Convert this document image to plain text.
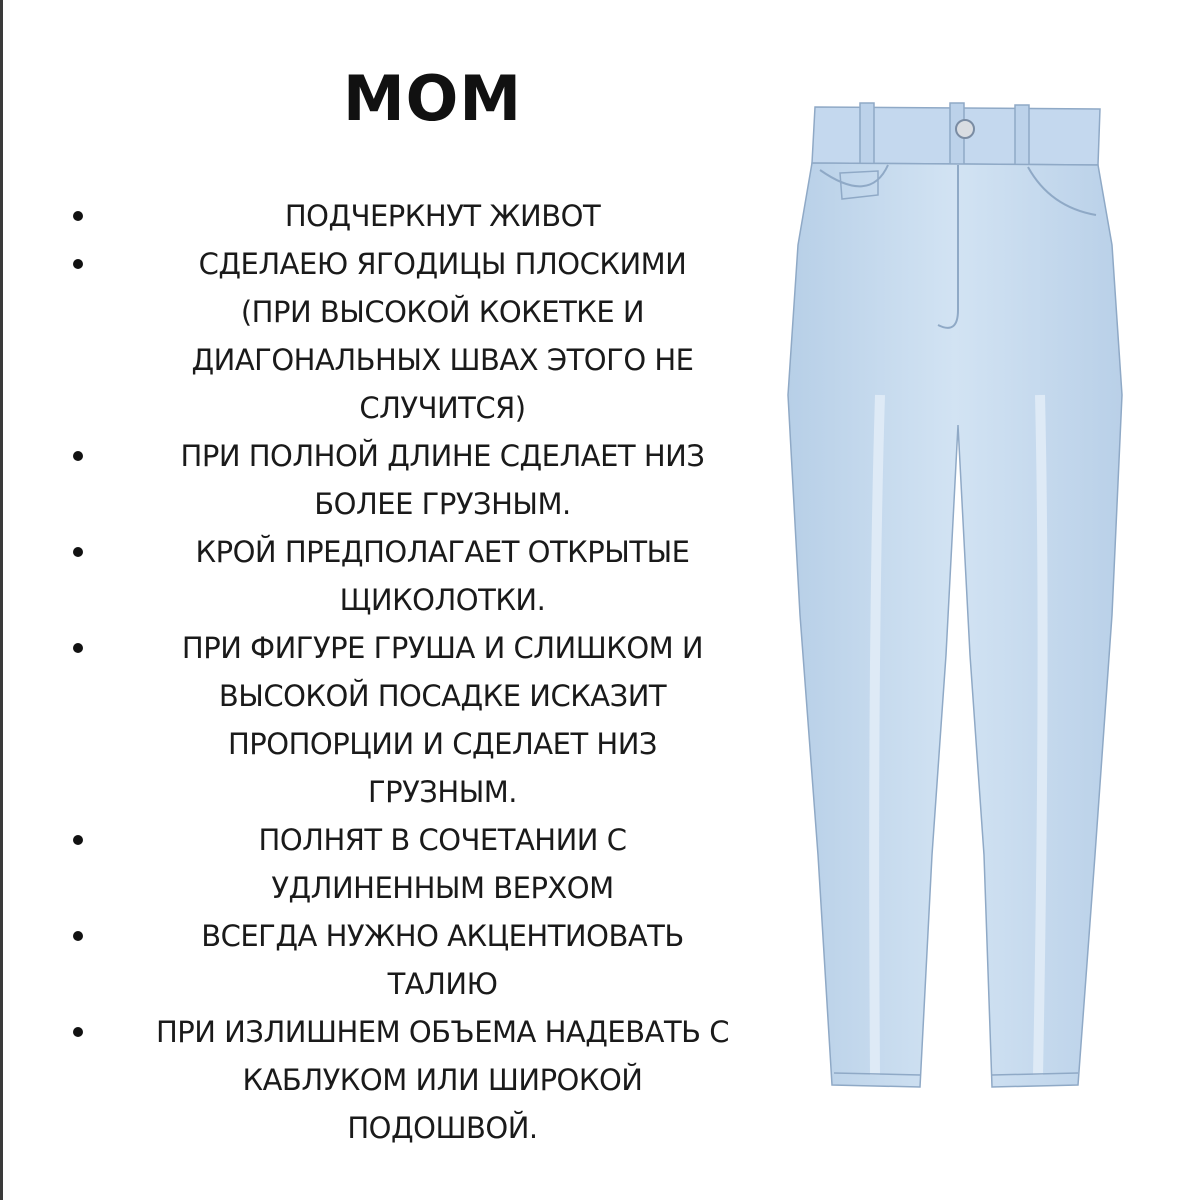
MOM
ПОДЧЕРКНУТ ЖИВОТ
СДЕЛАЕЮ ЯГОДИЦЫ ПЛОСКИМИ
(ПРИ ВЫСОКОЙ КОКЕТКЕ И
ДИАГОНАЛЬНЫХ ШВАХ ЭТОГО НЕ
СЛУЧИТСЯ)
ПРИ ПОЛНОЙ ДЛИНЕ СДЕЛАЕТ НИЗ
БОЛЕЕ ГРУЗНЫМ.
КРОЙ ПРЕДПОЛАГАЕТ ОТКРЫТЫЕ
ЩИКОЛОТКИ.
ПРИ ФИГУРЕ ГРУША И СЛИШКОМ И
ВЫСОКОЙ ПОСАДКЕ ИСКАЗИТ
ПРОПОРЦИИ И СДЕЛАЕТ НИЗ
ГРУЗНЫМ.
ПОЛНЯТ В СОЧЕТАНИИ С
УДЛИНЕННЫМ ВЕРХОМ
ВСЕГДА НУЖНО АКЦЕНТИОВАТЬ
ТАЛИЮ
ПРИ ИЗЛИШНЕМ ОБЪЕМА НАДЕВАТЬ С
КАБЛУКОМ ИЛИ ШИРОКОЙ
ПОДОШВОЙ.
